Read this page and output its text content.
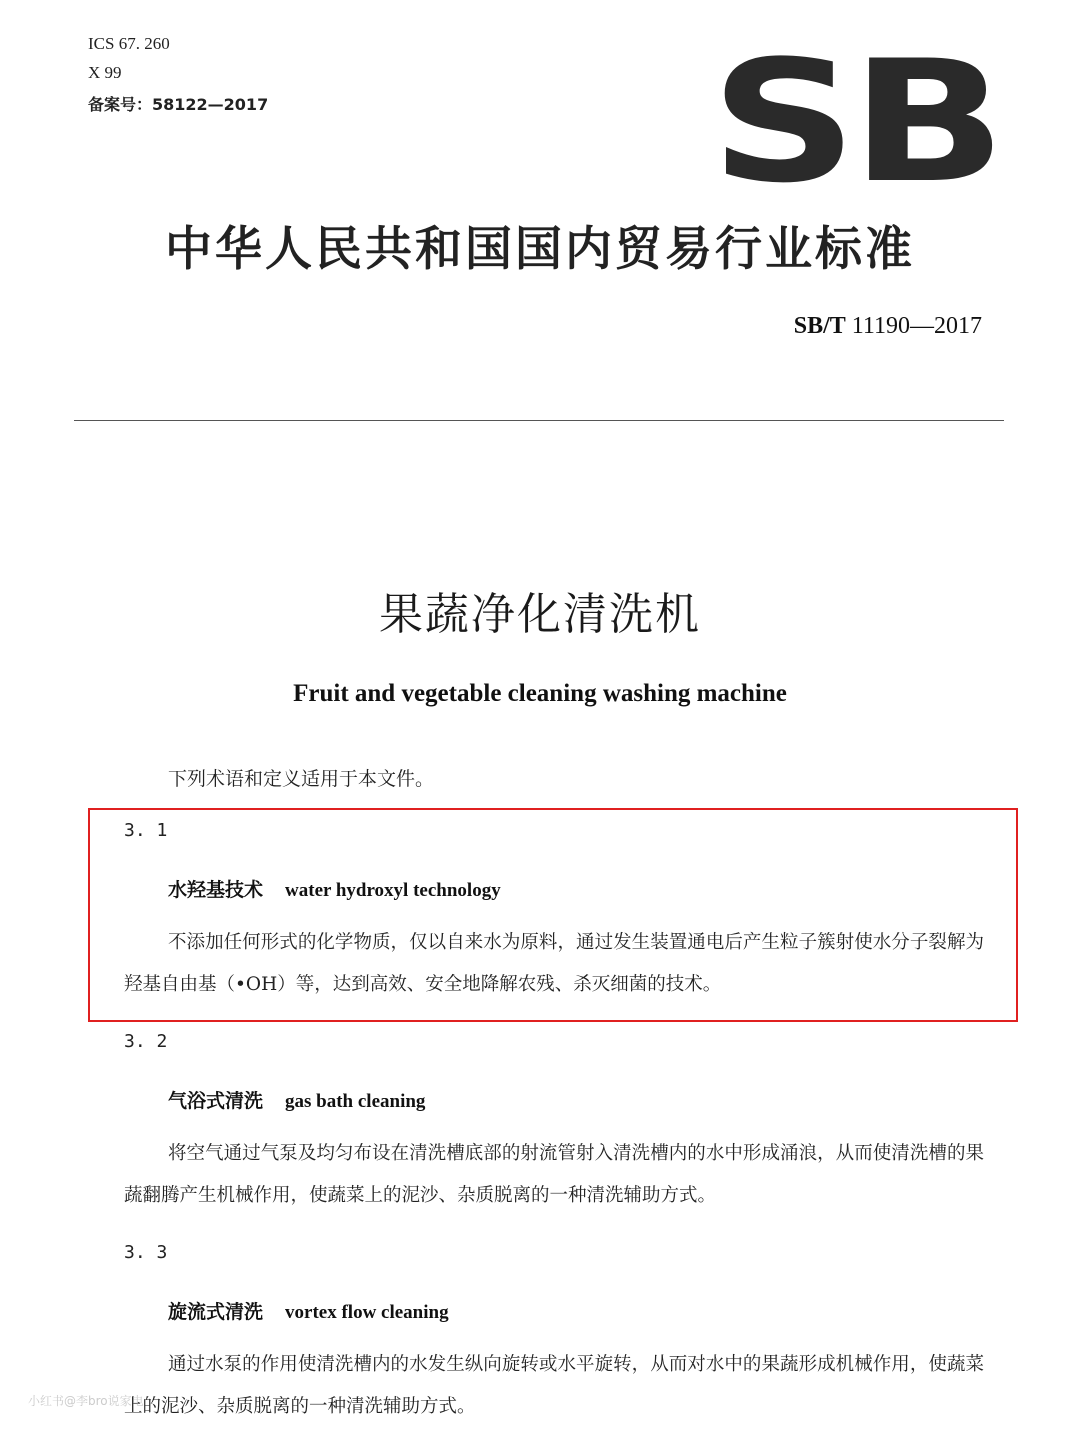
ICS 67. 260
X 99
备案号：58122—2017	SB
中华人民共和国国内贸易行业标准
SB/T 11190—2017
果蔬净化清洗机
Fruit and vegetable cleaning washing machine
下列术语和定义适用于本文件。
3. 1
水羟基技术 water hydroxyl technology
不添加任何形式的化学物质，仅以自来水为原料，通过发生装置通电后产生粒子簇射使水分子裂解为羟基自由基（•OH）等，达到高效、安全地降解农残、杀灭细菌的技术。
3. 2
气浴式清洗 gas bath cleaning
将空气通过气泵及均匀布设在清洗槽底部的射流管射入清洗槽内的水中形成涌浪，从而使清洗槽的果蔬翻腾产生机械作用，使蔬菜上的泥沙、杂质脱离的一种清洗辅助方式。
3. 3
旋流式清洗 vortex flow cleaning
通过水泵的作用使清洗槽内的水发生纵向旋转或水平旋转，从而对水中的果蔬形成机械作用，使蔬菜上的泥沙、杂质脱离的一种清洗辅助方式。
小红书@李bro说家电
